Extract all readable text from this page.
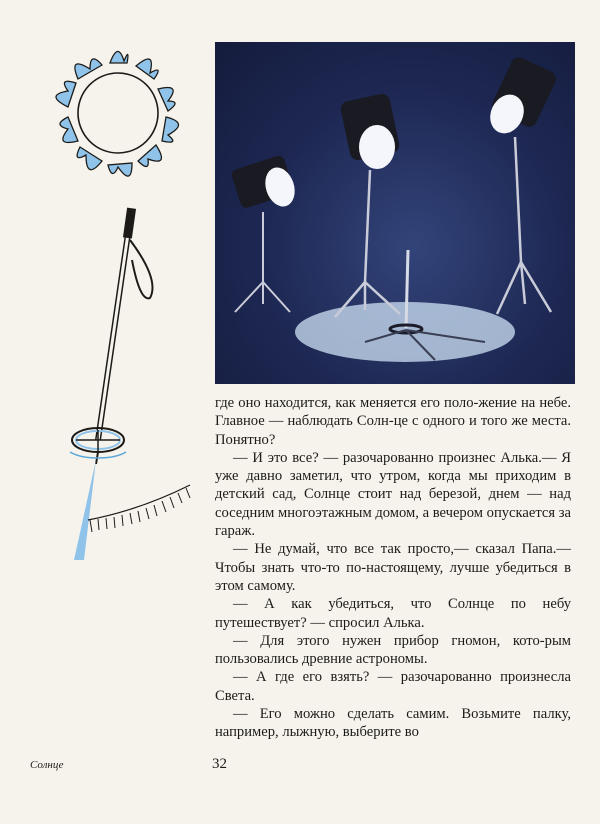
где оно находится, как меняется его поло-жение на небе. Главное — наблюдать Солн-це с одного и того же места. Понятно?

— И это все? — разочарованно произнес Алька.— Я уже давно заметил, что утром, когда мы приходим в детский сад, Солнце стоит над березой, днем — над соседним многоэтажным домом, а вечером опускается за гараж.

— Не думай, что все так просто,— сказал Папа.— Чтобы знать что-то по-настоящему, лучше убедиться в этом самому.

— А как убедиться, что Солнце по небу путешествует? — спросил Алька.

— Для этого нужен прибор гномон, кото-рым пользовались древние астрономы.

— А где его взять? — разочарованно произнесла Света.

— Его можно сделать самим. Возьмите палку, например, лыжную, выберите во

Солнце	32
